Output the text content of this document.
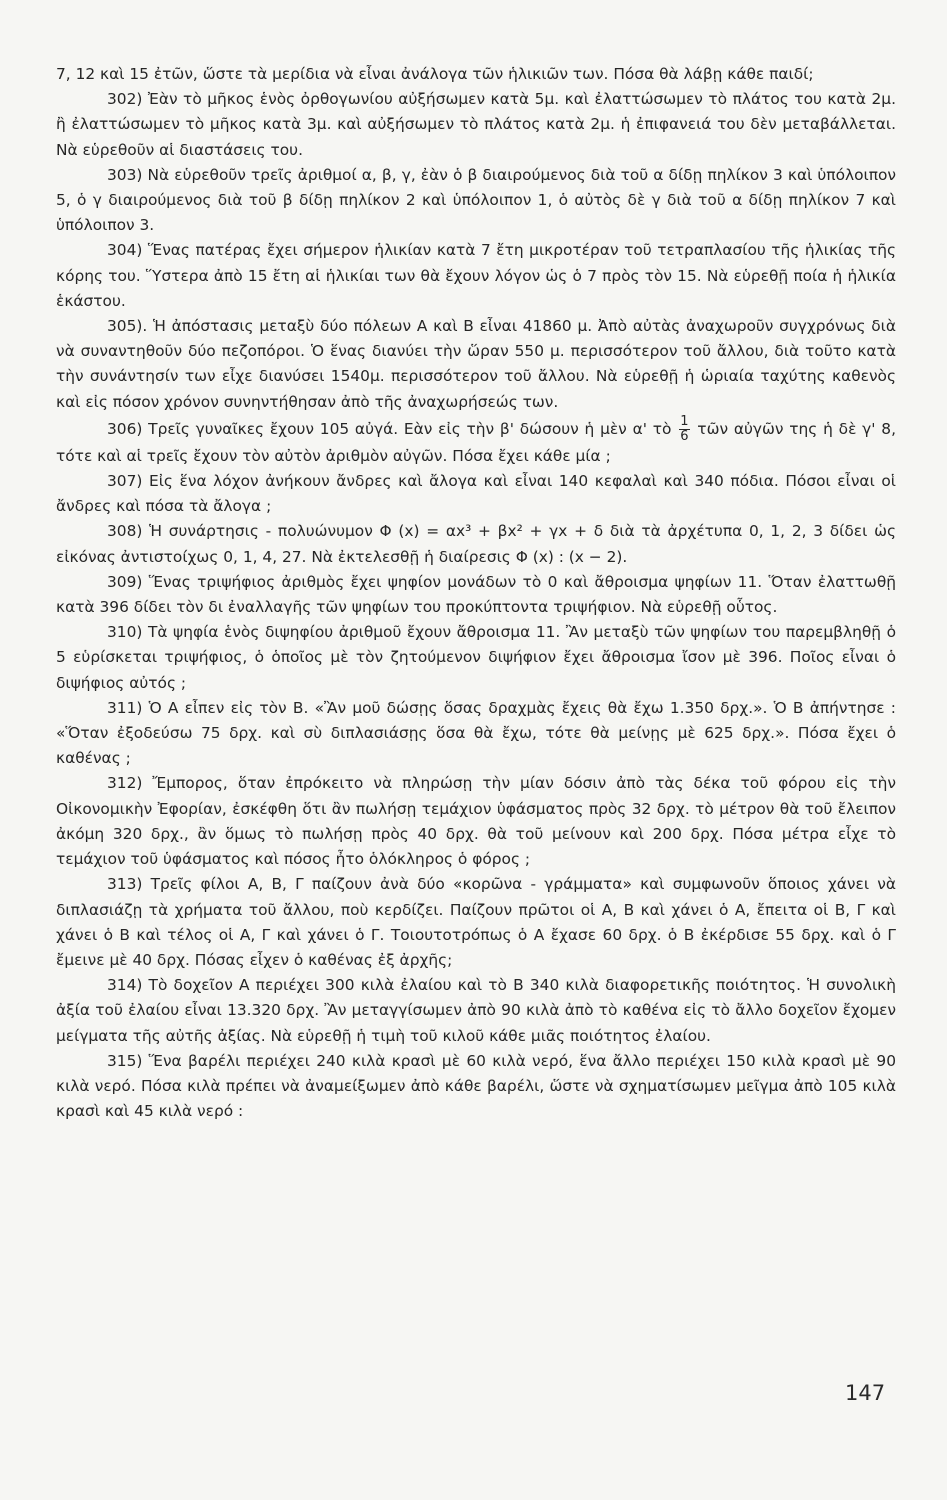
7, 12 καὶ 15 ἐτῶν, ὥστε τὰ μερίδια νὰ εἶναι ἀνάλογα τῶν ἡλικιῶν των. Πόσα θὰ λάβῃ κάθε παιδί;

302) Ἐὰν τὸ μῆκος ἑνὸς ὀρθογωνίου αὐξήσωμεν κατὰ 5μ. καὶ ἐλαττώσωμεν τὸ πλάτος του κατὰ 2μ. ἢ ἐλαττώσωμεν τὸ μῆκος κατὰ 3μ. καὶ αὐξήσωμεν τὸ πλάτος κατὰ 2μ. ἡ ἐπιφανειά του δὲν μεταβάλλεται. Νὰ εὑρεθοῦν αἱ διαστάσεις του.

303) Νὰ εὑρεθοῦν τρεῖς ἀριθμοί α, β, γ, ἐὰν ὁ β διαιρούμενος διὰ τοῦ α δίδῃ πηλίκον 3 καὶ ὑπόλοιπον 5, ὁ γ διαιρούμενος διὰ τοῦ β δίδῃ πηλίκον 2 καὶ ὑπόλοιπον 1, ὁ αὐτὸς δὲ γ διὰ τοῦ α δίδῃ πηλίκον 7 καὶ ὑπόλοιπον 3.

304) Ἕνας πατέρας ἔχει σήμερον ἡλικίαν κατὰ 7 ἔτη μικροτέραν τοῦ τετραπλασίου τῆς ἡλικίας τῆς κόρης του. Ὕστερα ἀπὸ 15 ἔτη αἱ ἡλικίαι των θὰ ἔχουν λόγον ὡς ὁ 7 πρὸς τὸν 15. Νὰ εὑρεθῇ ποία ἡ ἡλικία ἑκάστου.

305). Ἡ ἀπόστασις μεταξὺ δύο πόλεων Α καὶ Β εἶναι 41860 μ. Ἀπὸ αὐτὰς ἀναχωροῦν συγχρόνως διὰ νὰ συναντηθοῦν δύο πεζοπόροι. Ὁ ἕνας διανύει τὴν ὥραν 550 μ. περισσότερον τοῦ ἄλλου, διὰ τοῦτο κατὰ τὴν συνάντησίν των εἶχε διανύσει 1540μ. περισσότερον τοῦ ἄλλου. Νὰ εὑρεθῇ ἡ ὡριαία ταχύτης καθενὸς καὶ εἰς πόσον χρόνον συνηντήθησαν ἀπὸ τῆς ἀναχωρήσεώς των.

306) Τρεῖς γυναῖκες ἔχουν 105 αὐγά. Εὰν εἰς τὴν β' δώσουν ἡ μὲν α' τὸ $\frac{1}{6}$ τῶν αὐγῶν της ἡ δὲ γ' 8, τότε καὶ αἱ τρεῖς ἔχουν τὸν αὐτὸν ἀριθμὸν αὐγῶν. Πόσα ἔχει κάθε μία ;

307) Εἰς ἕνα λόχον ἀνήκουν ἄνδρες καὶ ἄλογα καὶ εἶναι 140 κεφαλαὶ καὶ 340 πόδια. Πόσοι εἶναι οἱ ἄνδρες καὶ πόσα τὰ ἄλογα ;

308) Ἡ συνάρτησις - πολυώνυμον Φ (x) = αx³ + βx² + γx + δ διὰ τὰ ἀρχέτυπα 0, 1, 2, 3 δίδει ὡς εἰκόνας ἀντιστοίχως 0, 1, 4, 27. Νὰ ἐκτελεσθῇ ἡ διαίρεσις Φ (x) : (x − 2).

309) Ἕνας τριψήφιος ἀριθμὸς ἔχει ψηφίον μονάδων τὸ 0 καὶ ἄθροισμα ψηφίων 11. Ὅταν ἐλαττωθῇ κατὰ 396 δίδει τὸν δι ἐναλλαγῆς τῶν ψηφίων του προκύπτοντα τριψήφιον. Νὰ εὑρεθῇ οὗτος.

310) Τὰ ψηφία ἑνὸς διψηφίου ἀριθμοῦ ἔχουν ἄθροισμα 11. Ἂν μεταξὺ τῶν ψηφίων του παρεμβληθῇ ὁ 5 εὑρίσκεται τριψήφιος, ὁ ὁποῖος μὲ τὸν ζητούμενον διψήφιον ἔχει ἄθροισμα ἴσον μὲ 396. Ποῖος εἶναι ὁ διψήφιος αὐτός ;

311) Ὁ Α εἶπεν εἰς τὸν Β. «Ἂν μοῦ δώσῃς ὅσας δραχμὰς ἔχεις θὰ ἔχω 1.350 δρχ.». Ὁ Β ἀπήντησε : «Ὅταν ἐξοδεύσω 75 δρχ. καὶ σὺ διπλασιάσῃς ὅσα θὰ ἔχω, τότε θὰ μείνῃς μὲ 625 δρχ.». Πόσα ἔχει ὁ καθένας ;

312) Ἔμπορος, ὅταν ἐπρόκειτο νὰ πληρώσῃ τὴν μίαν δόσιν ἀπὸ τὰς δέκα τοῦ φόρου εἰς τὴν Οἰκονομικὴν Ἐφορίαν, ἐσκέφθη ὅτι ἂν πωλήσῃ τεμάχιον ὑφάσματος πρὸς 32 δρχ. τὸ μέτρον θὰ τοῦ ἔλειπον ἀκόμη 320 δρχ., ἂν ὅμως τὸ πωλήσῃ πρὸς 40 δρχ. θὰ τοῦ μείνουν καὶ 200 δρχ. Πόσα μέτρα εἶχε τὸ τεμάχιον τοῦ ὑφάσματος καὶ πόσος ἦτο ὁλόκληρος ὁ φόρος ;

313) Τρεῖς φίλοι Α, Β, Γ παίζουν ἀνὰ δύο «κορῶνα - γράμματα» καὶ συμφωνοῦν ὅποιος χάνει νὰ διπλασιάζῃ τὰ χρήματα τοῦ ἄλλου, ποὺ κερδίζει. Παίζουν πρῶτοι οἱ Α, Β καὶ χάνει ὁ Α, ἔπειτα οἱ Β, Γ καὶ χάνει ὁ Β καὶ τέλος οἱ Α, Γ καὶ χάνει ὁ Γ. Τοιουτοτρόπως ὁ Α ἔχασε 60 δρχ. ὁ Β ἐκέρδισε 55 δρχ. καὶ ὁ Γ ἔμεινε μὲ 40 δρχ. Πόσας εἶχεν ὁ καθένας ἐξ ἀρχῆς;

314) Τὸ δοχεῖον Α περιέχει 300 κιλὰ ἐλαίου καὶ τὸ Β 340 κιλὰ διαφορετικῆς ποιότητος. Ἡ συνολικὴ ἀξία τοῦ ἐλαίου εἶναι 13.320 δρχ. Ἂν μεταγγίσωμεν ἀπὸ 90 κιλὰ ἀπὸ τὸ καθένα εἰς τὸ ἄλλο δοχεῖον ἔχομεν μείγματα τῆς αὐτῆς ἀξίας. Νὰ εὑρεθῇ ἡ τιμὴ τοῦ κιλοῦ κάθε μιᾶς ποιότητος ἐλαίου.

315) Ἕνα βαρέλι περιέχει 240 κιλὰ κρασὶ μὲ 60 κιλὰ νερό, ἕνα ἄλλο περιέχει 150 κιλὰ κρασὶ μὲ 90 κιλὰ νερό. Πόσα κιλὰ πρέπει νὰ ἀναμείξωμεν ἀπὸ κάθε βαρέλι, ὥστε νὰ σχηματίσωμεν μεῖγμα ἀπὸ 105 κιλὰ κρασὶ καὶ 45 κιλὰ νερό :

147
